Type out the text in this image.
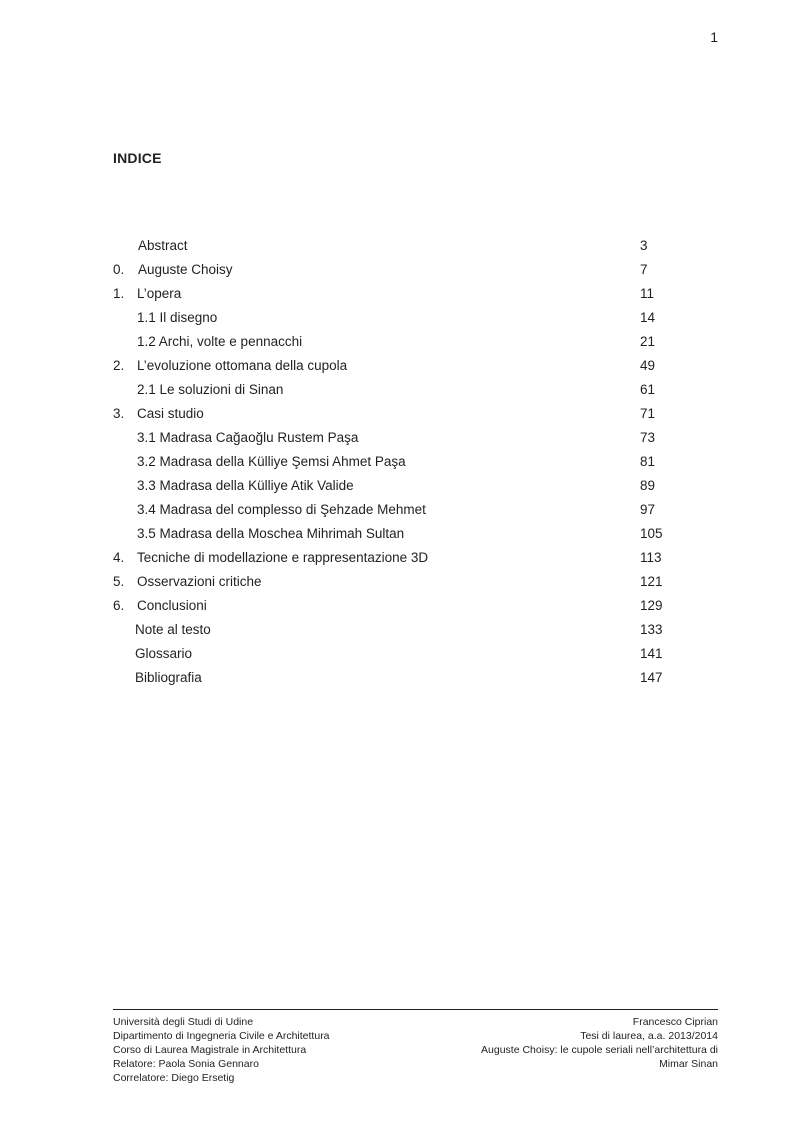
1
INDICE
Abstract	3
0. Auguste Choisy	7
1. L’opera	11
1.1 Il disegno	14
1.2 Archi, volte e pennacchi	21
2. L’evoluzione ottomana della cupola	49
2.1 Le soluzioni di Sinan	61
3. Casi studio	71
3.1 Madrasa Cağaoğlu Rustem Paşa	73
3.2 Madrasa della Külliye Şemsi Ahmet Paşa	81
3.3 Madrasa della Külliye Atik Valide	89
3.4 Madrasa del complesso di Şehzade Mehmet	97
3.5 Madrasa della Moschea Mihrimah Sultan	105
4. Tecniche di modellazione e rappresentazione 3D	113
5. Osservazioni critiche	121
6. Conclusioni	129
Note al testo	133
Glossario	141
Bibliografia	147
Università degli Studi di Udine
Dipartimento di Ingegneria Civile e Architettura
Corso di Laurea Magistrale in Architettura
Relatore: Paola Sonia Gennaro
Correlatore: Diego Ersetig
Francesco Ciprian
Tesi di laurea, a.a. 2013/2014
Auguste Choisy: le cupole seriali nell’architettura di
Mimar Sinan
